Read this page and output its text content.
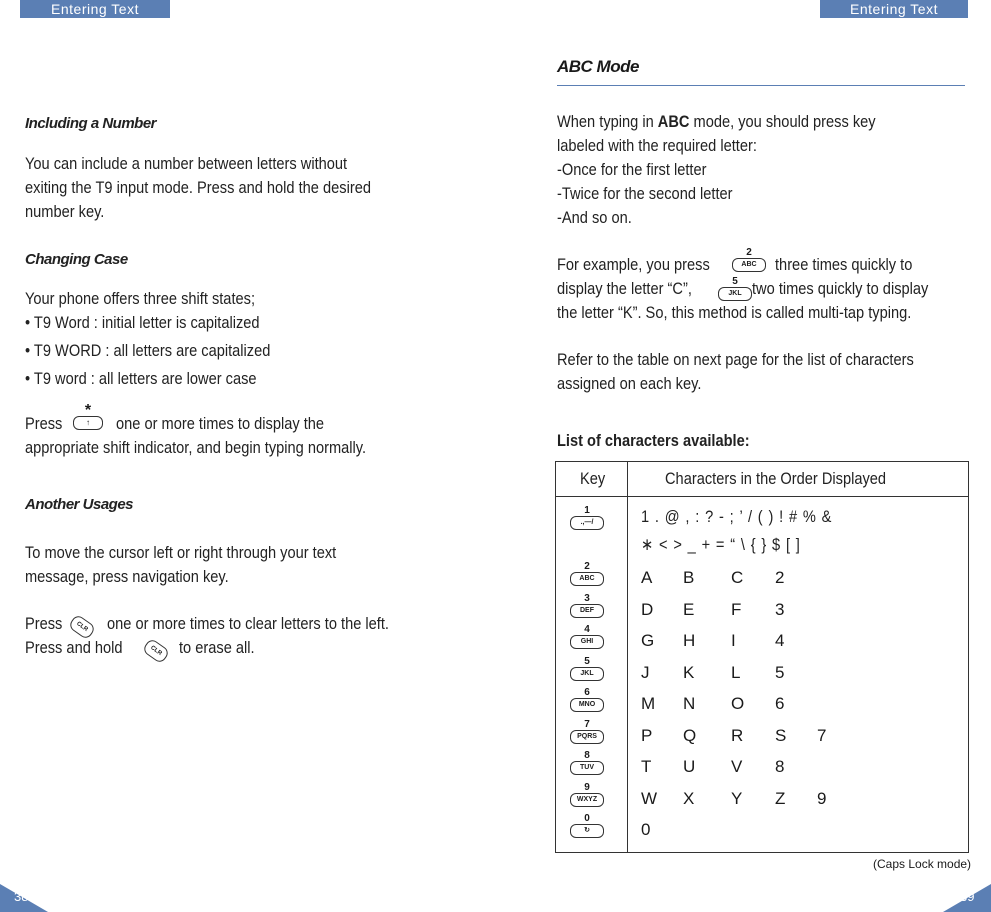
Entering Text
Including a Number
You can include a number between letters without
exiting the T9 input mode. Press and hold the desired
number key.
Changing Case
Your phone offers three shift states;
• T9 Word : initial letter is capitalized
• T9 WORD : all letters are capitalized
• T9 word : all letters are lower case
Press
*
↑	one or more times to display the
appropriate shift indicator, and begin typing normally.
Another Usages
To move the cursor left or right through your text
message, press navigation key.
Press	CLR	one or more times to clear letters to the left.
Press and hold	CLR to erase all.
38
Entering Text
ABC Mode
When typing in ABC mode, you should press key
labeled with the required letter:
-Once for the first letter
-Twice for the second letter
-And so on.
For example, you press
2
ABC	three times quickly to
display the letter “C”,	5
JKL two times quickly to display
the letter “K”. So, this method is called multi-tap typing.
Refer to the table on next page for the list of characters
assigned on each key.
List of characters available:
Key	Characters in the Order Displayed
1
.,—/	1 . @ , : ? - ; ’ / ( ) ! # % &
∗ < > _ + = “ \ { } $ [ ]
2
ABC	A B C 2
3
DEF	D E F 3
4
GHI	G H I 4
5
JKL	J K L 5
6
MNO	M N O 6
7
PQRS	P Q R S 7
8
TUV	T U V 8
9
WXYZ	W X Y Z 9
0
↻	0
(Caps Lock mode)
39
